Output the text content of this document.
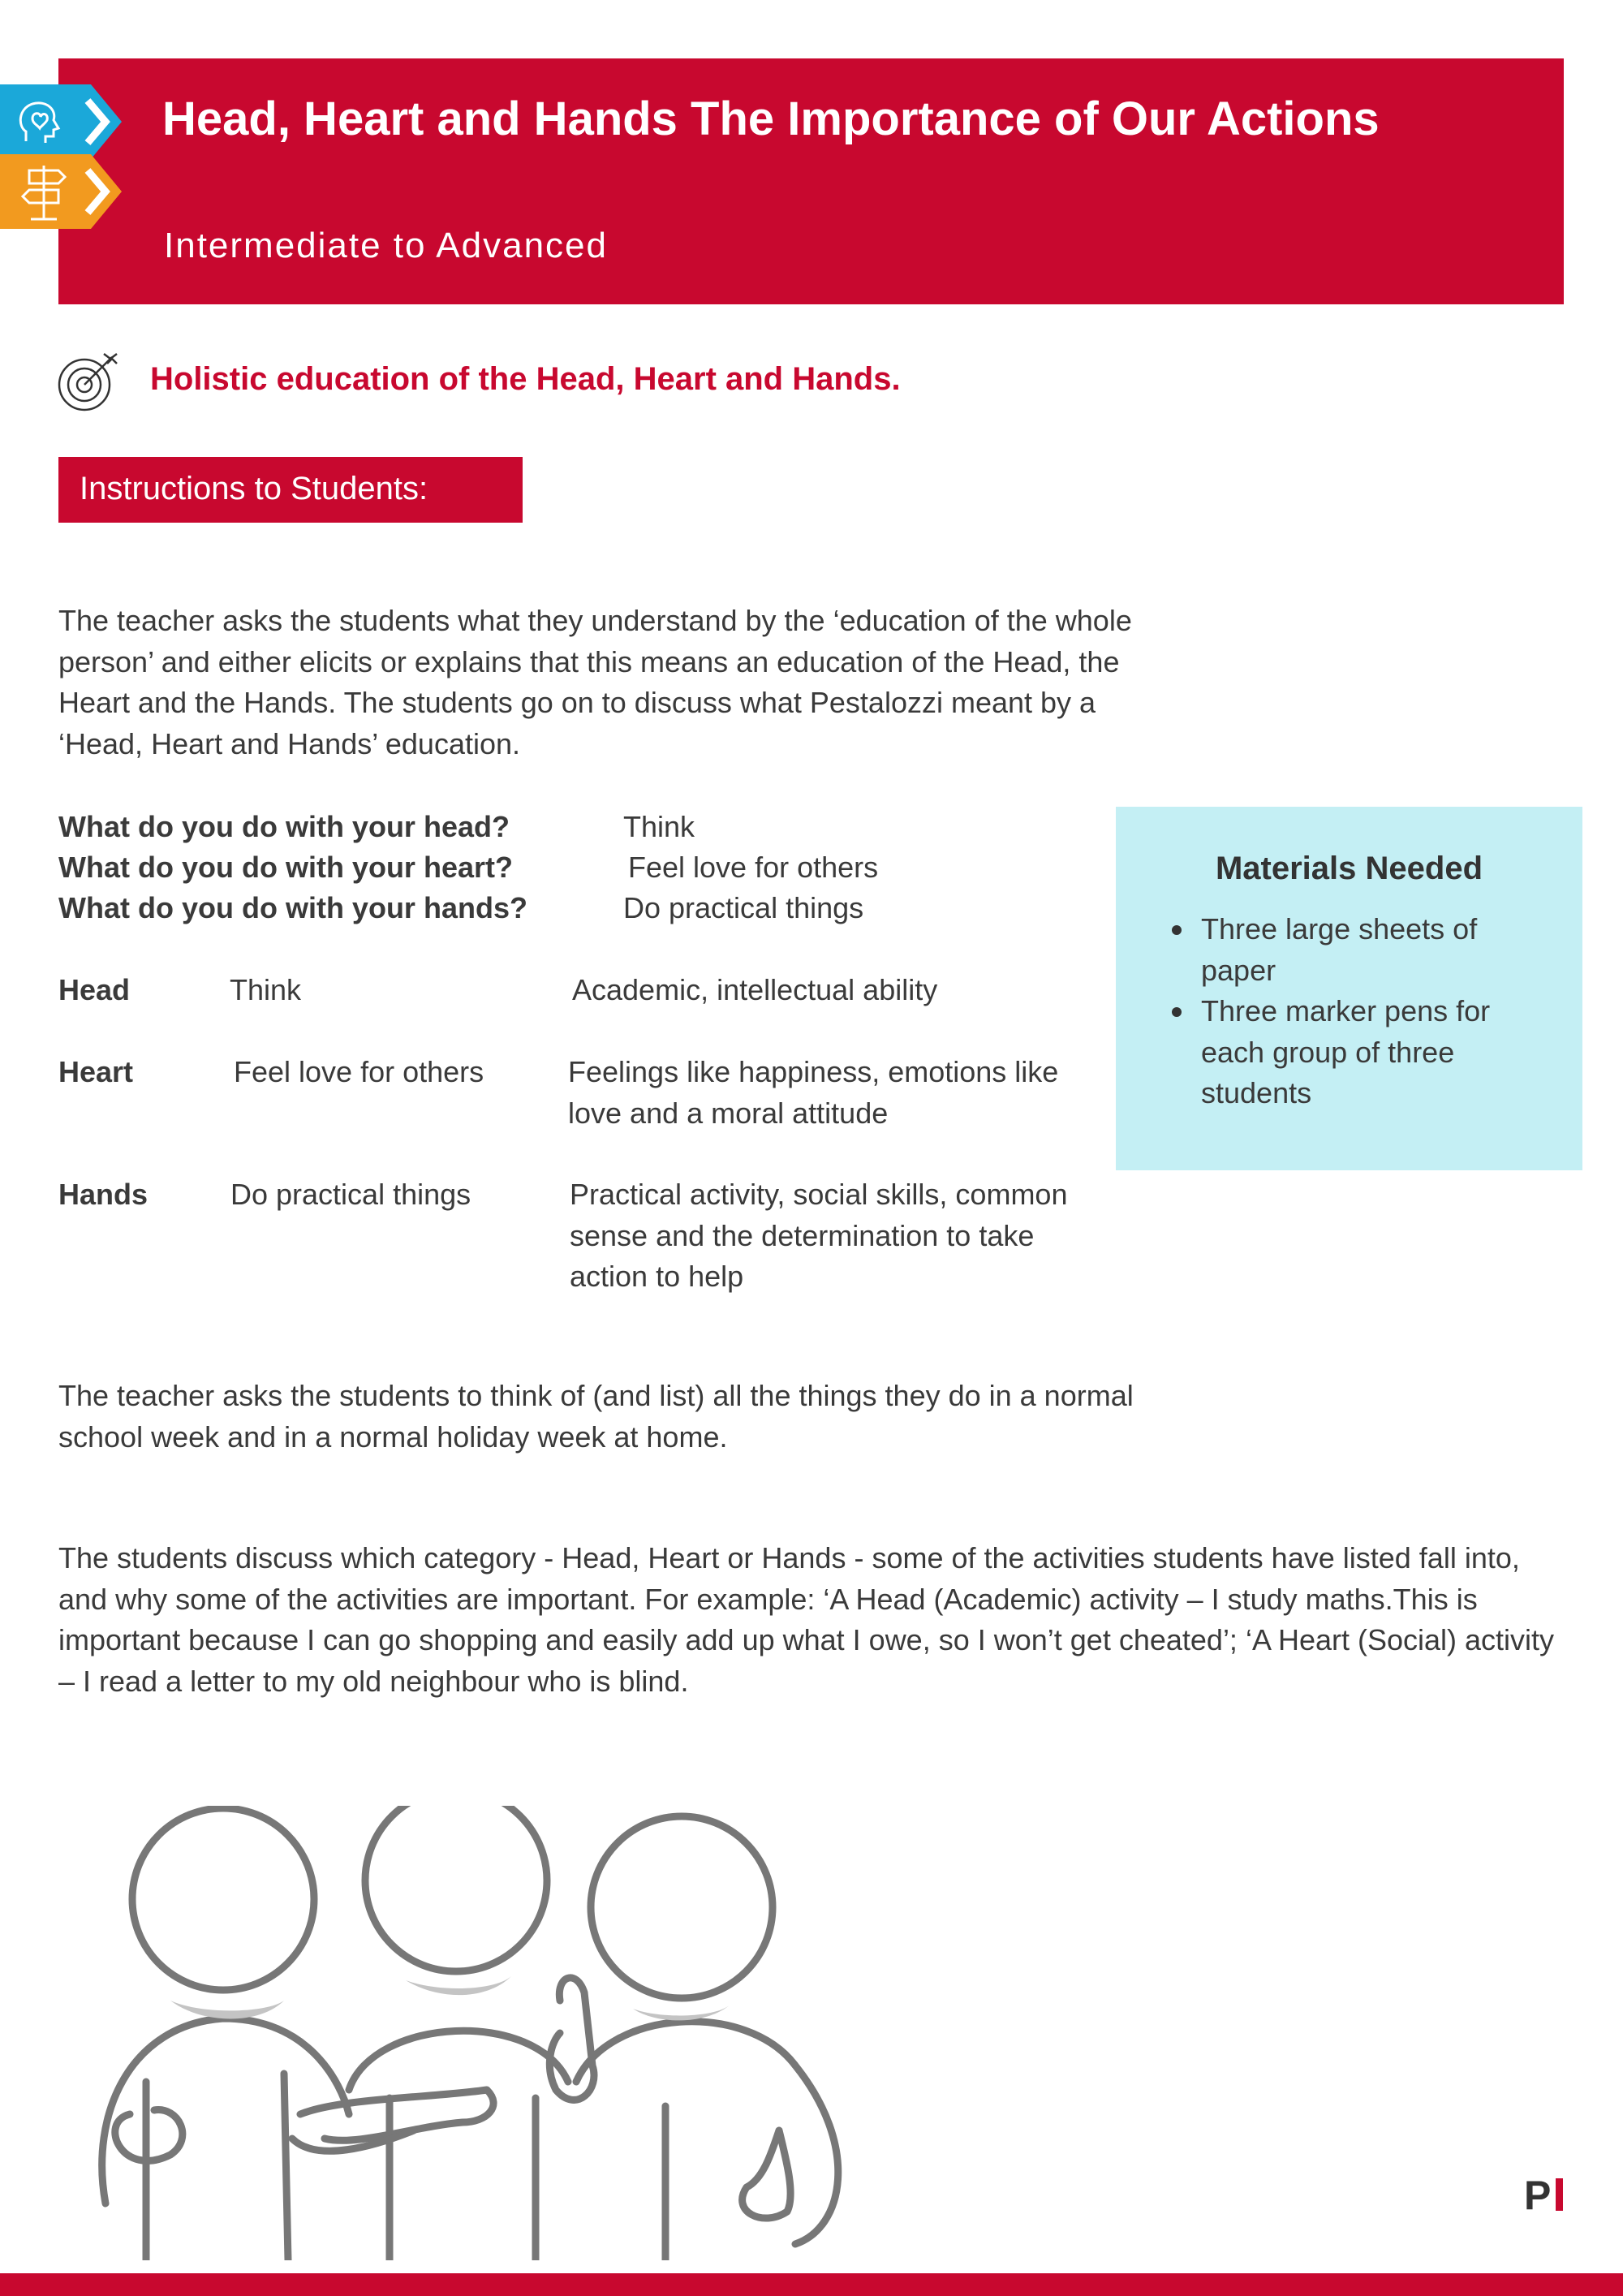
Head, Heart and Hands The Importance of Our Actions
Intermediate to Advanced
Holistic education of the Head, Heart and Hands.
Instructions to Students:

The teacher asks the students what they understand by the ‘education of the whole person’ and either elicits or explains that this means an education of the Head, the Heart and the Hands. The students go on to discuss what Pestalozzi meant by a ‘Head, Heart and Hands’ education.

What do you do with your head?	Think
What do you do with your heart?	Feel love for others
What do you do with your hands?	Do practical things
Head	Think	Academic, intellectual ability
Heart	Feel love for others	Feelings like happiness, emotions like love and a moral attitude
Hands	Do practical things	Practical activity, social skills, common sense and the determination to take action to help
Materials Needed
Three large sheets of paper
Three marker pens for each group of three students

The teacher asks the students to think of (and list) all the things they do in a normal school week and in a normal holiday week at home.

The students discuss which category - Head, Heart or Hands - some of the activities students have listed fall into, and why some of the activities are important. For example: ‘A Head (Academic) activity – I study maths.This is important because I can go shopping and easily add up what I owe, so I won’t get cheated’; ‘A Heart (Social) activity – I read a letter to my old neighbour who is blind.

P
